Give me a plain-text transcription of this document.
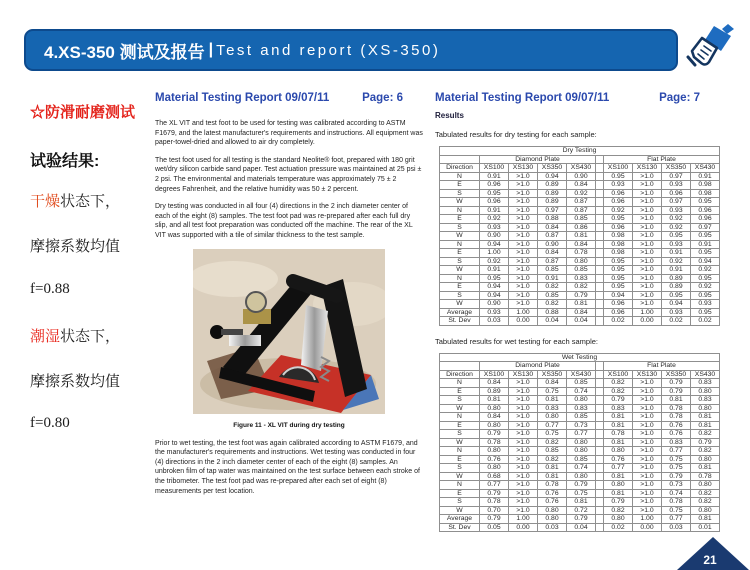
4.XS-350 测试及报告 | Test and report (XS-350)
☆防滑耐磨测试
试验结果:
干燥状态下，
摩擦系数均值
f=0.88
潮湿状态下，
摩擦系数均值
f=0.80
Material Testing Report 09/07/11	Page: 6

The XL VIT and test foot to be used for testing was calibrated according to ASTM F1679, and the latest manufacturer's requirements and instructions. All equipment was paper-towel-dried and allowed to air dry completely.

The test foot used for all testing is the standard Neolite® foot, prepared with 180 grit wet/dry silicon carbide sand paper. Test actuation pressure was maintained at 25 psi ± 2 psi. The environmental and materials temperature was approximately 75 ± 2 degrees Fahrenheit, and the relative humidity was 50 ± 2 percent.

Dry testing was conducted in all four (4) directions in the 2 inch diameter center of each of the eight (8) samples. The test foot pad was re-prepared after each full dry slip, and all test foot preparation was conducted off the machine. The rear of the XL VIT was supported with a tile of similar thickness to the test sample.

Figure 11 - XL VIT during dry testing

Prior to wet testing, the test foot was again calibrated according to ASTM F1679, and the manufacturer's requirements and instructions. Wet testing was conducted in four (4) directions in the 2 inch diameter center of each of the eight (8) samples. An unbroken film of tap water was maintained on the test surface between each stroke of the tribometer. The test foot pad was re-prepared after each set of eight (8) measurements per test location.

Material Testing Report 09/07/11	Page: 7
Results
Tabulated results for dry testing for each sample:
Dry Testing									
	Diamond Plate					Flat Plate			
Direction	XS100	XS130	XS350	XS430		XS100	XS130	XS350	XS430
N	0.91	>1.0	0.94	0.90		0.95	>1.0	0.97	0.91
E	0.96	>1.0	0.89	0.84		0.93	>1.0	0.93	0.98
S	0.95	>1.0	0.89	0.92		0.96	>1.0	0.96	0.98
W	0.96	>1.0	0.89	0.87		0.96	>1.0	0.97	0.95
N	0.91	>1.0	0.97	0.87		0.92	>1.0	0.93	0.96
E	0.92	>1.0	0.88	0.85		0.95	>1.0	0.92	0.96
S	0.93	>1.0	0.84	0.86		0.96	>1.0	0.92	0.97
W	0.90	>1.0	0.87	0.81		0.98	>1.0	0.95	0.95
N	0.94	>1.0	0.90	0.84		0.98	>1.0	0.93	0.91
E	1.00	>1.0	0.84	0.78		0.98	>1.0	0.91	0.95
S	0.92	>1.0	0.87	0.80		0.95	>1.0	0.92	0.94
W	0.91	>1.0	0.85	0.85		0.95	>1.0	0.91	0.92
N	0.95	>1.0	0.91	0.83		0.95	>1.0	0.89	0.95
E	0.94	>1.0	0.82	0.82		0.95	>1.0	0.89	0.92
S	0.94	>1.0	0.85	0.79		0.94	>1.0	0.95	0.95
W	0.90	>1.0	0.82	0.81		0.96	>1.0	0.94	0.93
Average	0.93	1.00	0.88	0.84		0.96	1.00	0.93	0.95
St. Dev	0.03	0.00	0.04	0.04		0.02	0.00	0.02	0.02
Tabulated results for wet testing for each sample:
Wet Testing									
	Diamond Plate					Flat Plate			
Direction	XS100	XS130	XS350	XS430		XS100	XS130	XS350	XS430
N	0.84	>1.0	0.84	0.85		0.82	>1.0	0.79	0.83
E	0.89	>1.0	0.75	0.74		0.82	>1.0	0.79	0.80
S	0.81	>1.0	0.81	0.80		0.79	>1.0	0.81	0.83
W	0.80	>1.0	0.83	0.83		0.83	>1.0	0.78	0.80
N	0.84	>1.0	0.80	0.85		0.81	>1.0	0.78	0.81
E	0.80	>1.0	0.77	0.73		0.81	>1.0	0.76	0.81
S	0.79	>1.0	0.75	0.77		0.78	>1.0	0.76	0.82
W	0.78	>1.0	0.82	0.80		0.81	>1.0	0.83	0.79
N	0.80	>1.0	0.85	0.80		0.80	>1.0	0.77	0.82
E	0.76	>1.0	0.82	0.85		0.76	>1.0	0.75	0.80
S	0.80	>1.0	0.81	0.74		0.77	>1.0	0.75	0.81
W	0.68	>1.0	0.81	0.80		0.81	>1.0	0.79	0.78
N	0.77	>1.0	0.78	0.79		0.80	>1.0	0.73	0.80
E	0.79	>1.0	0.76	0.75		0.81	>1.0	0.74	0.82
S	0.78	>1.0	0.76	0.81		0.79	>1.0	0.78	0.82
W	0.70	>1.0	0.80	0.72		0.82	>1.0	0.75	0.80
Average	0.79	1.00	0.80	0.79		0.80	1.00	0.77	0.81
St. Dev	0.05	0.00	0.03	0.04		0.02	0.00	0.03	0.01
21
